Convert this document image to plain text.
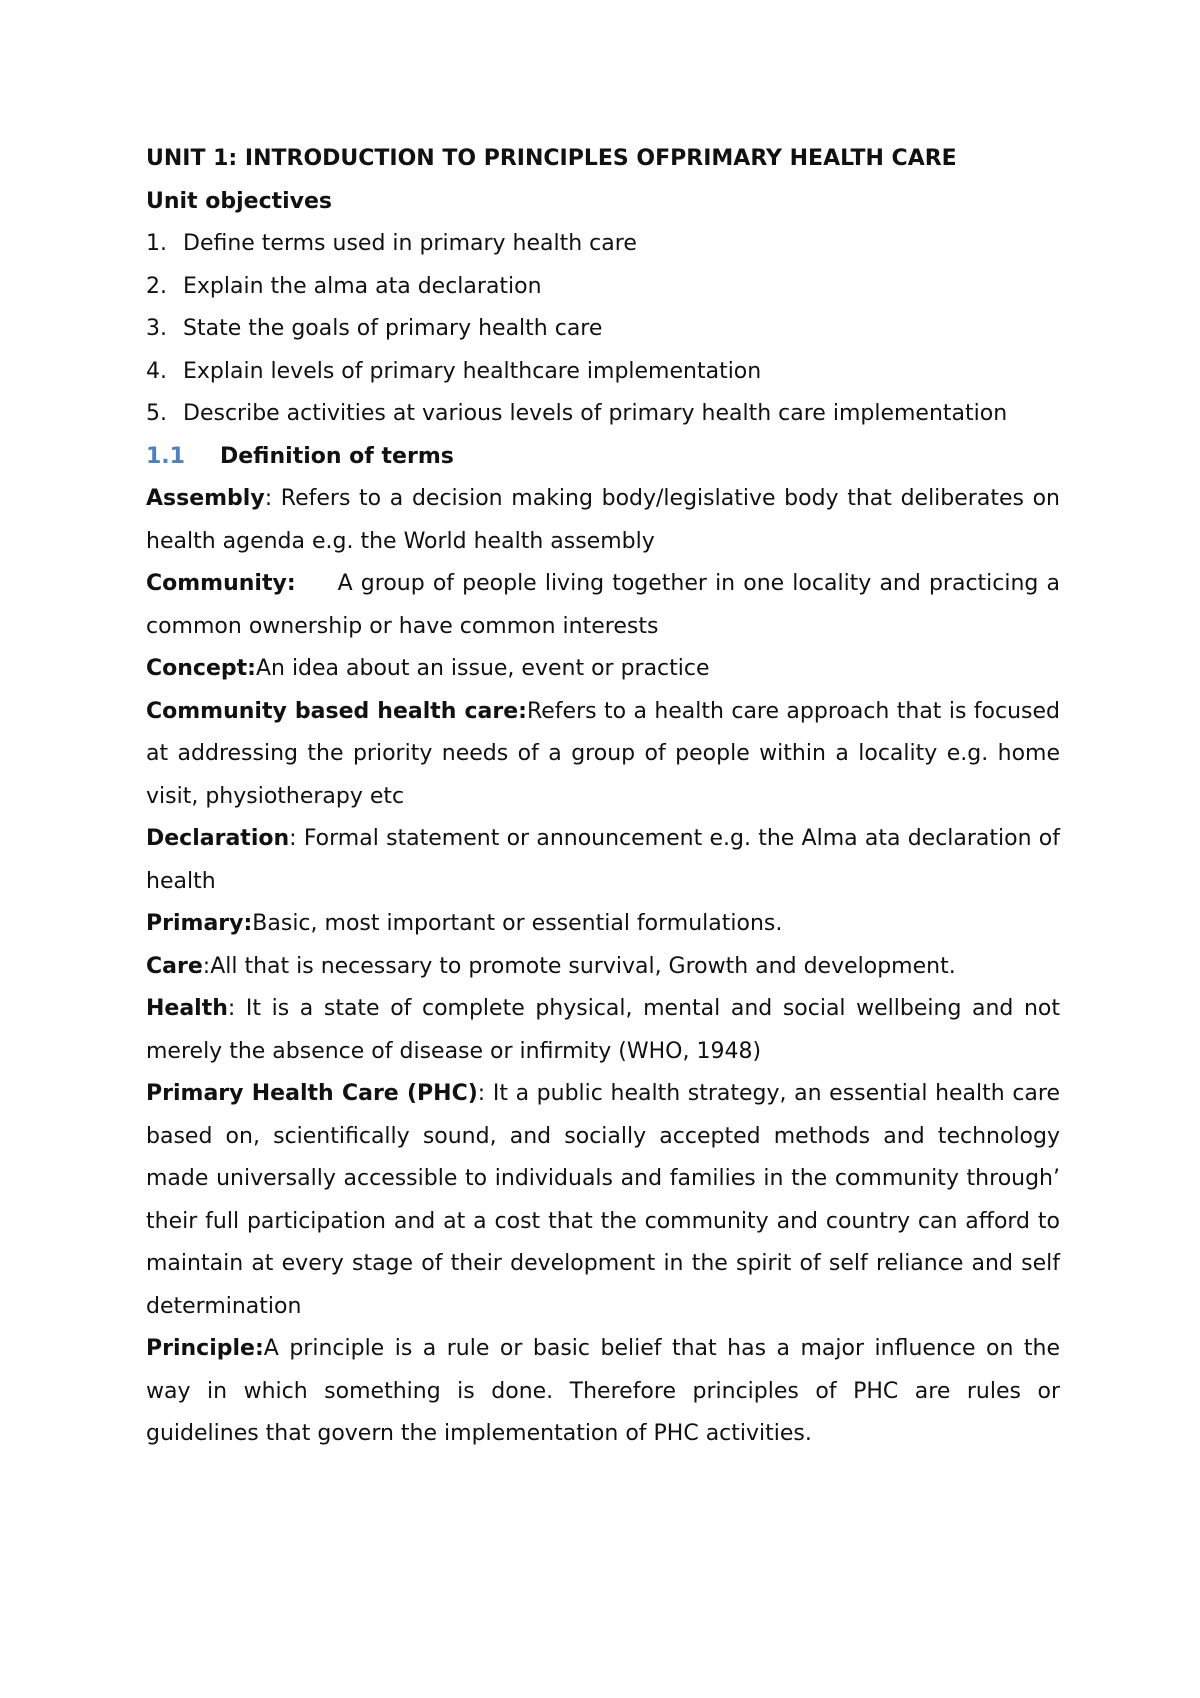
UNIT 1: INTRODUCTION TO PRINCIPLES OFPRIMARY HEALTH CARE

Unit objectives

1. Define terms used in primary health care
2. Explain the alma ata declaration
3. State the goals of primary health care
4. Explain levels of primary healthcare implementation
5. Describe activities at various levels of primary health care implementation
1.1	Definition of terms

Assembly: Refers to a decision making body/legislative body that deliberates on health agenda e.g. the World health assembly

Community: A group of people living together in one locality and practicing a common ownership or have common interests

Concept:An idea about an issue, event or practice

Community based health care:Refers to a health care approach that is focused at addressing the priority needs of a group of people within a locality e.g. home visit, physiotherapy etc

Declaration: Formal statement or announcement e.g. the Alma ata declaration of health

Primary:Basic, most important or essential formulations.

Care:All that is necessary to promote survival, Growth and development.

Health: It is a state of complete physical, mental and social wellbeing and not merely the absence of disease or infirmity (WHO, 1948)

Primary Health Care (PHC): It a public health strategy, an essential health care based on, scientifically sound, and socially accepted methods and technology made universally accessible to individuals and families in the community through’ their full participation and at a cost that the community and country can afford to maintain at every stage of their development in the spirit of self reliance and self determination

Principle:A principle is a rule or basic belief that has a major influence on the way in which something is done. Therefore principles of PHC are rules or guidelines that govern the implementation of PHC activities.
